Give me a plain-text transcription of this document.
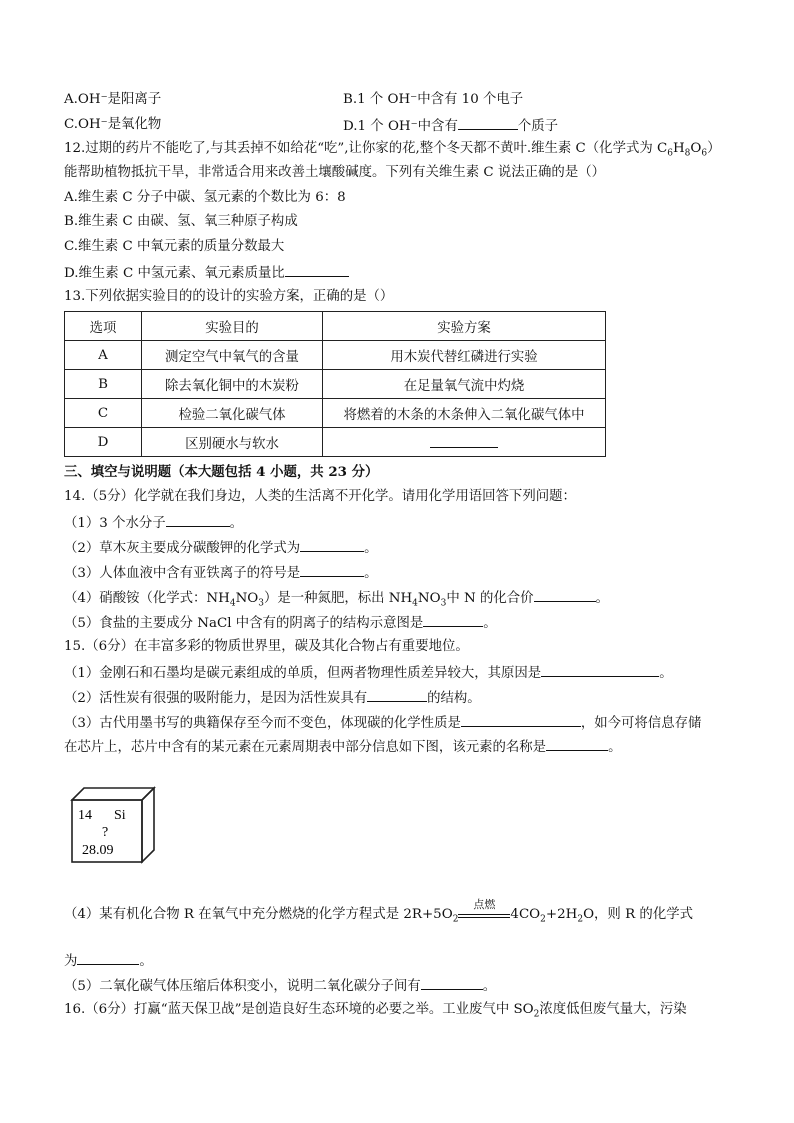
A.OH⁻是阳离子	B.1 个 OH⁻中含有 10 个电子
C.OH⁻是氧化物	D.1 个 OH⁻中含有	个质子
12.过期的药片不能吃了,与其丢掉不如给花“吃”,让你家的花,整个冬天都不黄叶.维生素 C（化学式为 $C_6H_8O_6$）
能帮助植物抵抗干旱，非常适合用来改善土壤酸碱度。下列有关维生素 C 说法正确的是（）
A.维生素 C 分子中碳、氢元素的个数比为 6：8
B.维生素 C 由碳、氢、氧三种原子构成
C.维生素 C 中氧元素的质量分数最大
D.维生素 C 中氢元素、氧元素质量比
13.下列依据实验目的的设计的实验方案，正确的是（）
选项	实验目的	实验方案
A	测定空气中氧气的含量	用木炭代替红磷进行实验
B	除去氧化铜中的木炭粉	在足量氧气流中灼烧
C	检验二氧化碳气体	将燃着的木条的木条伸入二氧化碳气体中
D	区别硬水与软水	
三、填空与说明题（本大题包括 4 小题，共 23 分）
14.（5分）化学就在我们身边，人类的生活离不开化学。请用化学用语回答下列问题：
（1）3 个水分子	。
（2）草木灰主要成分碳酸钾的化学式为	。
（3）人体血液中含有亚铁离子的符号是	。
（4）硝酸铵（化学式：$NH_4NO_3$）是一种氮肥，标出 $NH_4NO_3$中 N 的化合价	。
（5）食盐的主要成分 NaCl 中含有的阴离子的结构示意图是	。
15.（6分）在丰富多彩的物质世界里，碳及其化合物占有重要地位。
（1）金刚石和石墨均是碳元素组成的单质，但两者物理性质差异较大，其原因是	。
（2）活性炭有很强的吸附能力，是因为活性炭具有	的结构。
（3）古代用墨书写的典籍保存至今而不变色，体现碳的化学性质是	，如今可将信息存储
在芯片上，芯片中含有的某元素在元素周期表中部分信息如下图，该元素的名称是	。
14 Si
?
28.09
（4）某有机化合物 R 在氧气中充分燃烧的化学方程式是 $2R+5O_2$
点燃
$4CO_2+2H_2O$，则 R 的化学式
为	。
（5）二氧化碳气体压缩后体积变小，说明二氧化碳分子间有	。
16.（6分）打赢“蓝天保卫战”是创造良好生态环境的必要之举。工业废气中 $SO_2$浓度低但废气量大，污染
